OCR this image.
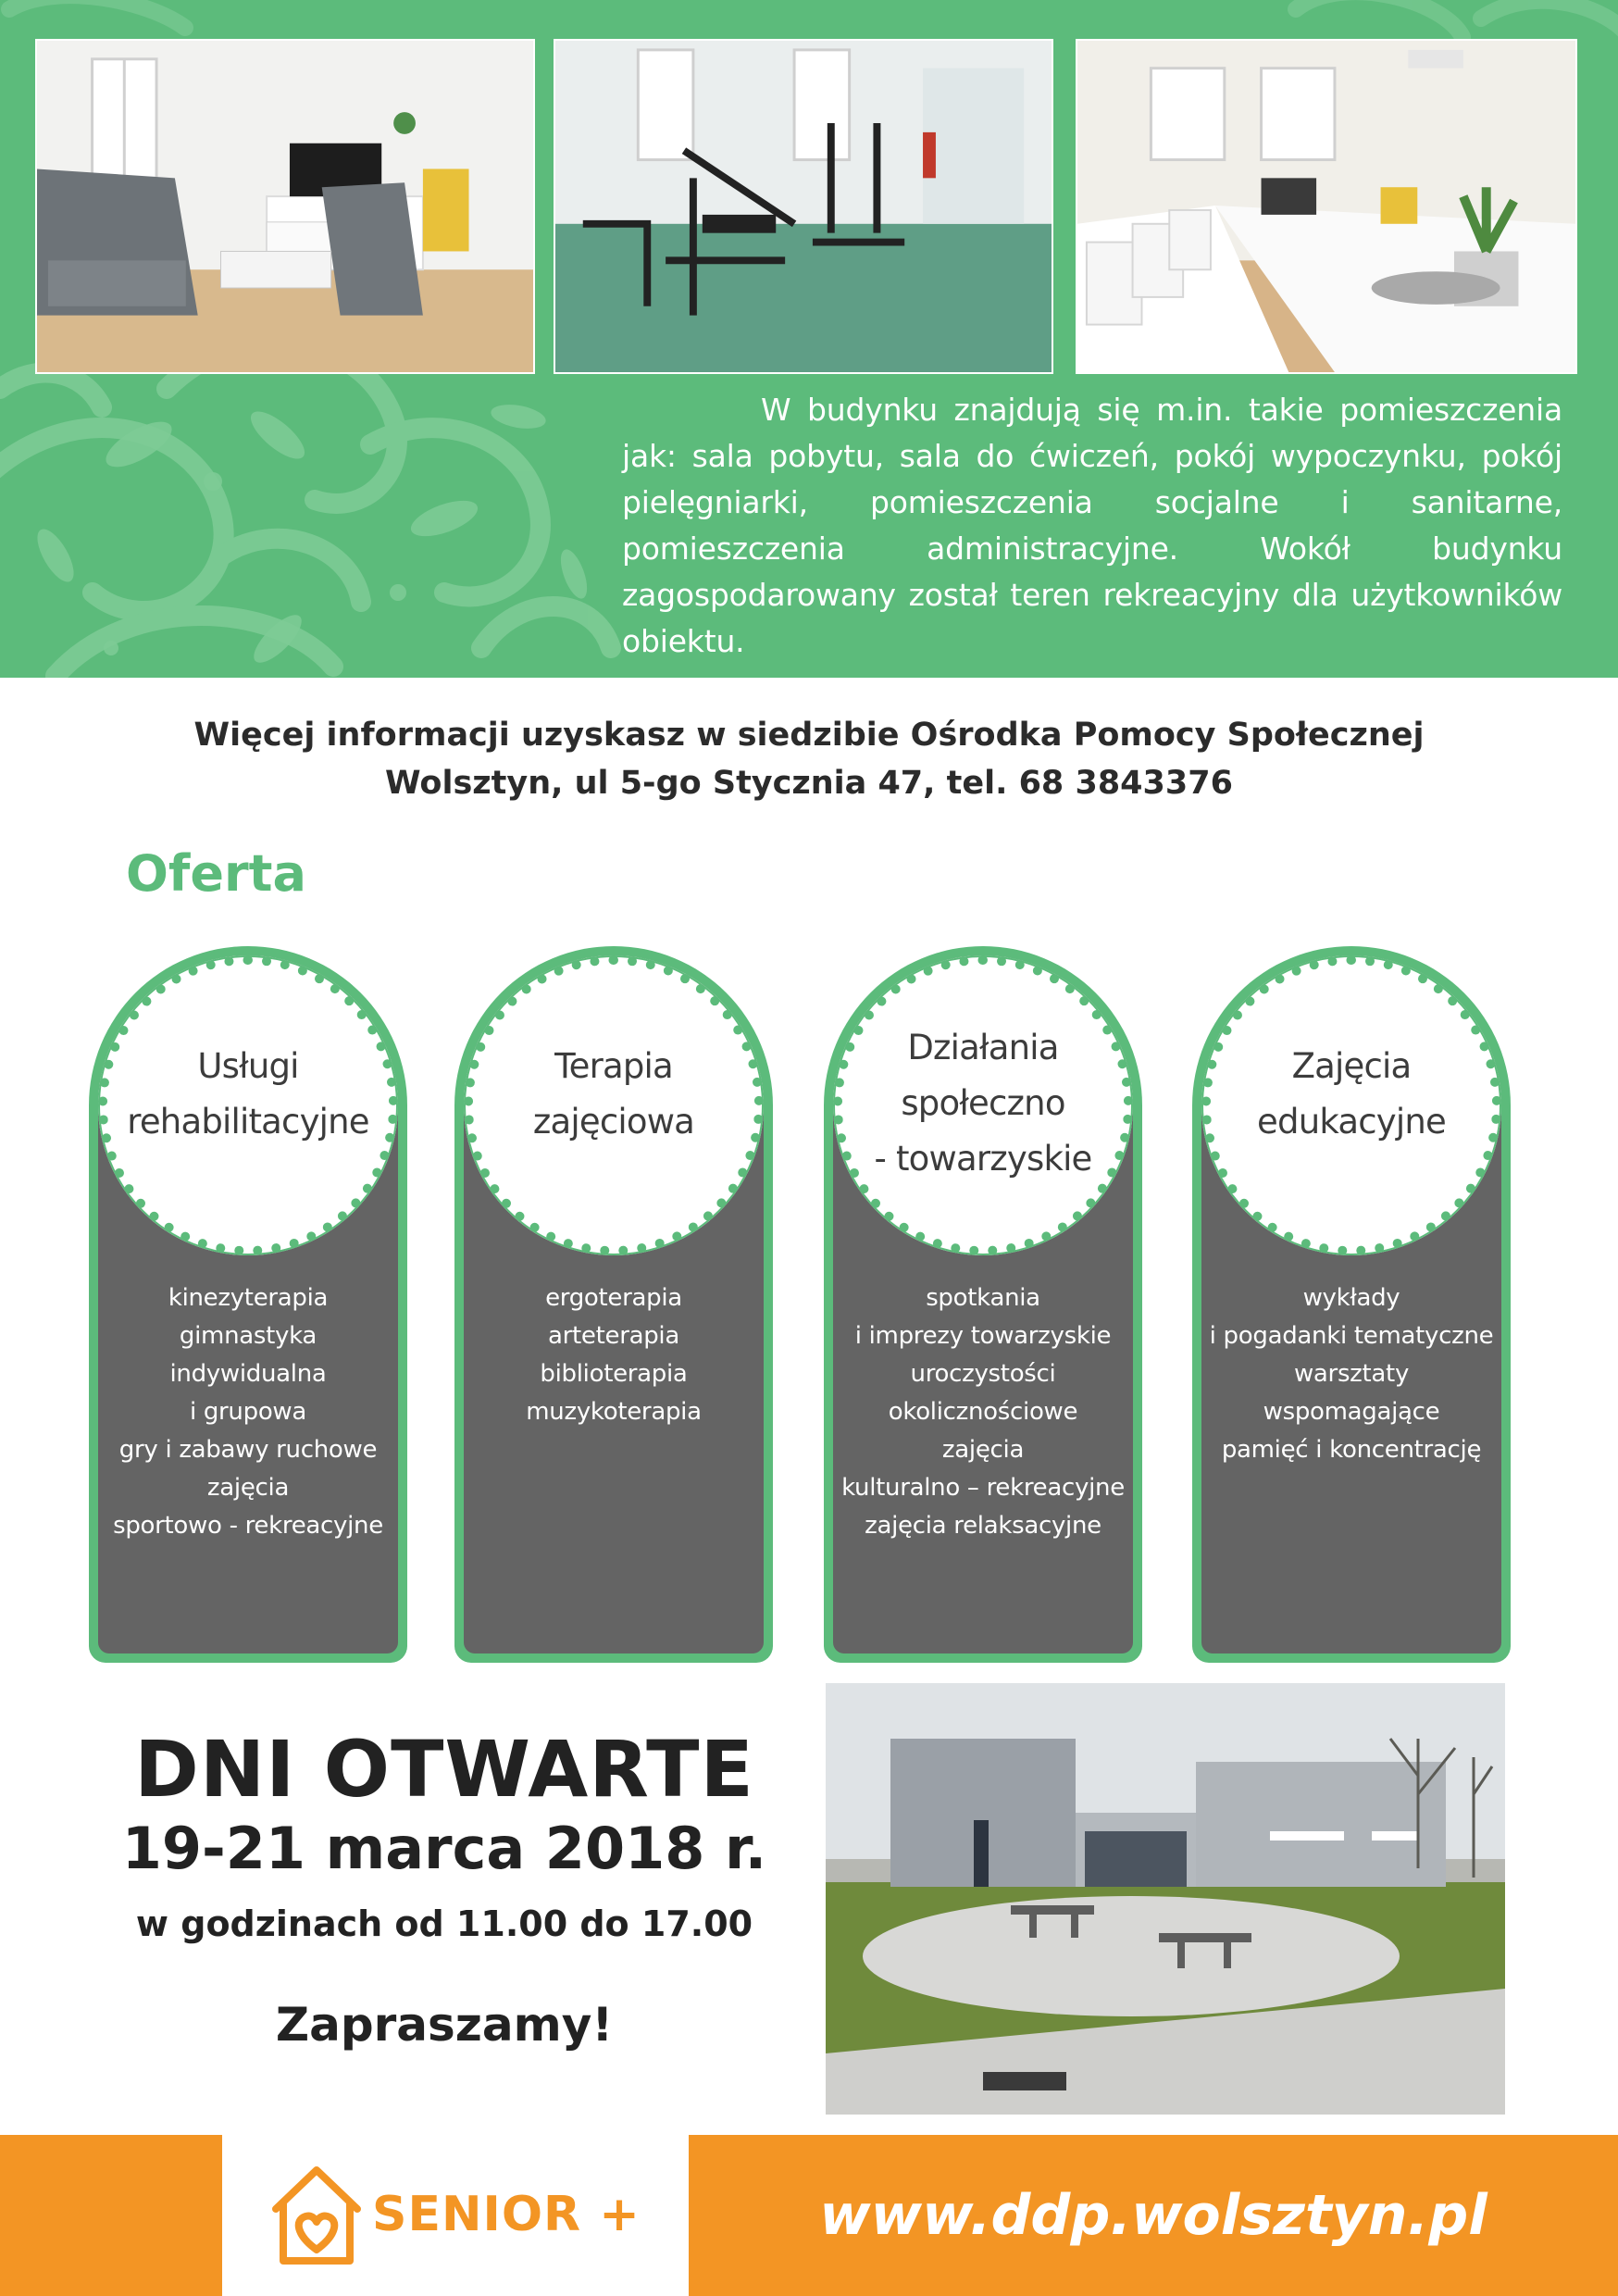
W budynku znajdują się m.in. takie pomieszczenia jak: sala pobytu, sala do ćwiczeń, pokój wypoczynku, pokój pielęgniarki, pomieszczenia socjalne i sanitarne, pomieszczenia administracyjne. Wokół budynku zagospodarowany został teren rekreacyjny dla użytkowników obiektu.
Więcej informacji uzyskasz w siedzibie Ośrodka Pomocy Społecznej
Wolsztyn, ul 5-go Stycznia 47, tel. 68 3843376
Oferta
Usługi
rehabilitacyjne
kinezyterapia
gimnastyka
indywidualna
i grupowa
gry i zabawy ruchowe
zajęcia
sportowo - rekreacyjne
Terapia
zajęciowa
ergoterapia
arteterapia
biblioterapia
muzykoterapia
Działania
społeczno
- towarzyskie
spotkania
i imprezy towarzyskie
uroczystości
okolicznościowe
zajęcia
kulturalno – rekreacyjne
zajęcia relaksacyjne
Zajęcia
edukacyjne
wykłady
i pogadanki tematyczne
warsztaty
wspomagające
pamięć i koncentrację
DNI OTWARTE
19-21 marca 2018 r.
w godzinach od 11.00 do 17.00
Zapraszamy!
SENIOR +	www.ddp.wolsztyn.pl
